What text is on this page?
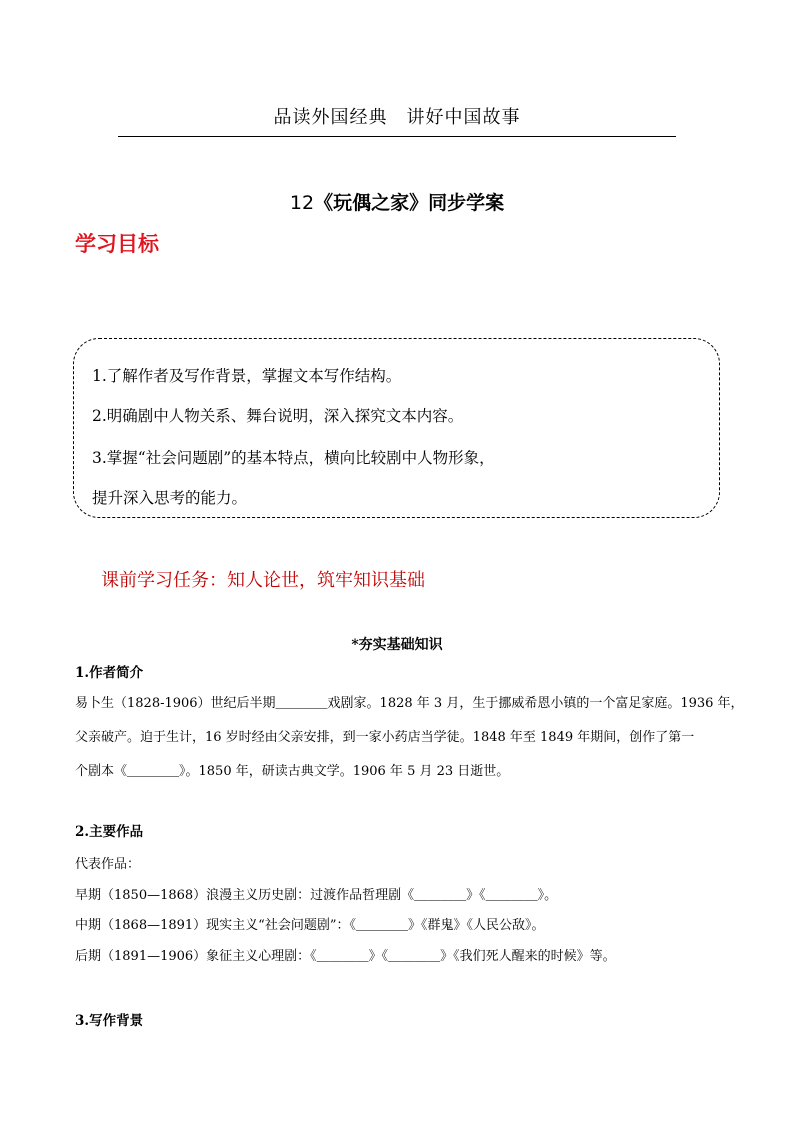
品读外国经典　讲好中国故事
12《玩偶之家》同步学案
学习目标
1.了解作者及写作背景，掌握文本写作结构。
2.明确剧中人物关系、舞台说明，深入探究文本内容。
3.掌握“社会问题剧”的基本特点，横向比较剧中人物形象，
提升深入思考的能力。
课前学习任务：知人论世，筑牢知识基础
*夯实基础知识
1.作者简介
易卜生（1828-1906）世纪后半期＿＿＿＿戏剧家。1828 年 3 月，生于挪威希恩小镇的一个富足家庭。1936 年，
父亲破产。迫于生计，16 岁时经由父亲安排，到一家小药店当学徒。1848 年至 1849 年期间，创作了第一
个剧本《＿＿＿＿》。1850 年，研读古典文学。1906 年 5 月 23 日逝世。
2.主要作品
代表作品：
早期（1850—1868）浪漫主义历史剧：过渡作品哲理剧《＿＿＿＿》《＿＿＿＿》。
中期（1868—1891）现实主义“社会问题剧”：《＿＿＿＿》《群鬼》《人民公敌》。
后期（1891—1906）象征主义心理剧：《＿＿＿＿》《＿＿＿＿》《我们死人醒来的时候》等。
3.写作背景
